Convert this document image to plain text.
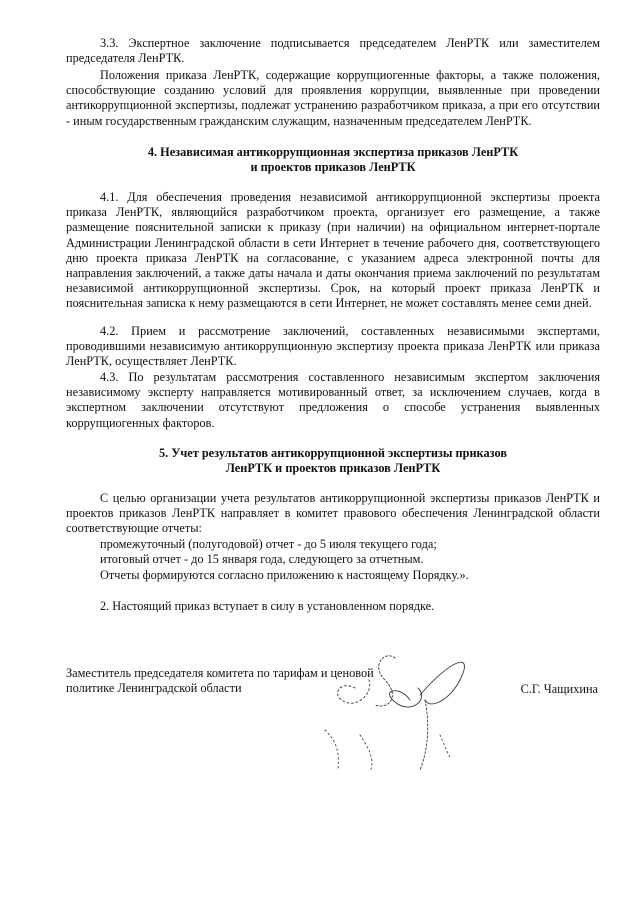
3.3. Экспертное заключение подписывается председателем ЛенРТК или заместителем председателя ЛенРТК.

Положения приказа ЛенРТК, содержащие коррупциогенные факторы, а также положения, способствующие созданию условий для проявления коррупции, выявленные при проведении антикоррупционной экспертизы, подлежат устранению разработчиком приказа, а при его отсутствии - иным государственным гражданским служащим, назначенным председателем ЛенРТК.

4. Независимая антикоррупционная экспертиза приказов ЛенРТК

и проектов приказов ЛенРТК

4.1. Для обеспечения проведения независимой антикоррупционной экспертизы проекта приказа ЛенРТК, являющийся разработчиком проекта, организует его размещение, а также размещение пояснительной записки к приказу (при наличии) на официальном интернет-портале Администрации Ленинградской области в сети Интернет в течение рабочего дня, соответствующего дню проекта приказа ЛенРТК на согласование, с указанием адреса электронной почты для направления заключений, а также даты начала и даты окончания приема заключений по результатам независимой антикоррупционной экспертизы. Срок, на который проект приказа ЛенРТК и пояснительная записка к нему размещаются в сети Интернет, не может составлять менее семи дней.

4.2. Прием и рассмотрение заключений, составленных независимыми экспертами, проводившими независимую антикоррупционную экспертизу проекта приказа ЛенРТК или приказа ЛенРТК, осуществляет ЛенРТК.

4.3. По результатам рассмотрения составленного независимым экспертом заключения независимому эксперту направляется мотивированный ответ, за исключением случаев, когда в экспертном заключении отсутствуют предложения о способе устранения выявленных коррупциогенных факторов.

5. Учет результатов антикоррупционной экспертизы приказов

ЛенРТК и проектов приказов ЛенРТК

С целью организации учета результатов антикоррупционной экспертизы приказов ЛенРТК и проектов приказов ЛенРТК направляет в комитет правового обеспечения Ленинградской области соответствующие отчеты:

промежуточный (полугодовой) отчет - до 5 июля текущего года;

итоговый отчет - до 15 января года, следующего за отчетным.

Отчеты формируются согласно приложению к настоящему Порядку.».

2. Настоящий приказ вступает в силу в установленном порядке.

Заместитель председателя комитета по тарифам и ценовой политике Ленинградской области	С.Г. Чащихина
